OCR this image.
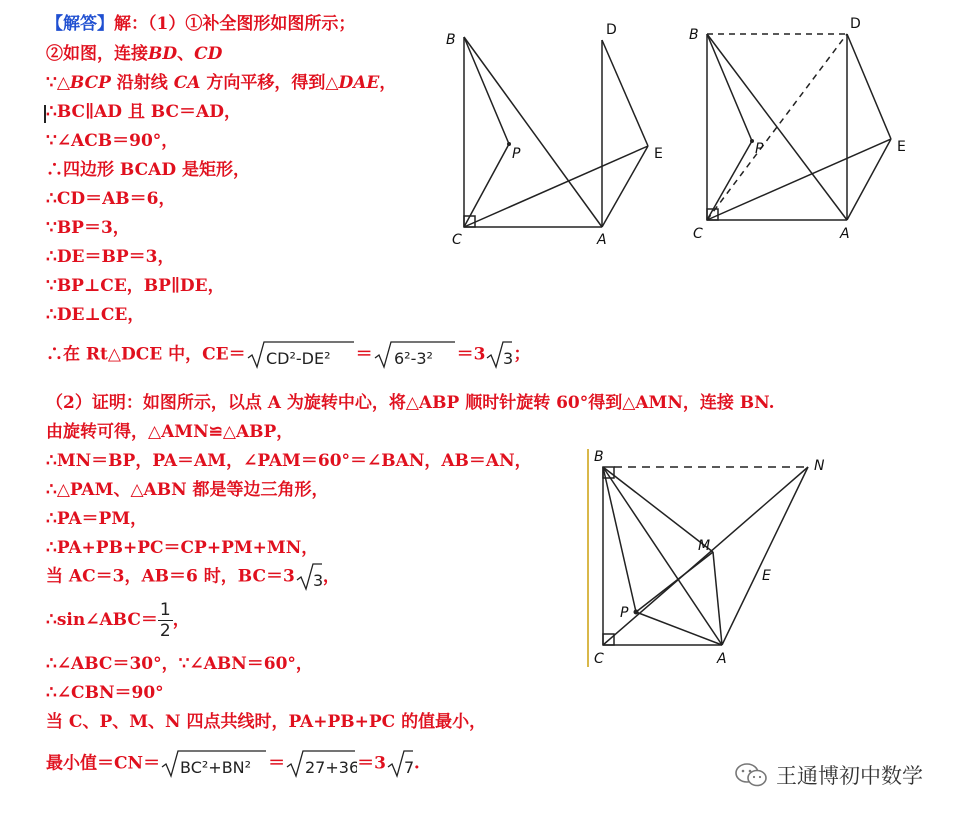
【解答】解：（1）①补全图形如图所示；
②如图，连接BD、CD
∵△BCP 沿射线 CA 方向平移，得到△DAE，
∴BC∥AD 且 BC＝AD，
∵∠ACB＝90°，
∴四边形 BCAD 是矩形，
∴CD＝AB＝6，
∵BP＝3，
∴DE＝BP＝3，
∵BP⊥CE，BP∥DE，
∴DE⊥CE，
∴在 Rt△DCE 中，CE＝ CD²-DE² ＝ 6²-3² ＝3 3 ；
（2）证明：如图所示，以点 A 为旋转中心，将△ABP 顺时针旋转 60°得到△AMN，连接 BN.
由旋转可得，△AMN≌△ABP，
∴MN＝BP，PA＝AM，∠PAM＝60°＝∠BAN，AB＝AN，
∴△PAM、△ABN 都是等边三角形，
∴PA＝PM，
∴PA+PB+PC＝CP+PM+MN，
当 AC＝3，AB＝6 时，BC＝3 3 ，
∴sin∠ABC＝ $\frac{1}{2}$ ，
∴∠ABC＝30°，∵∠ABN＝60°，
∴∠CBN＝90°
当 C、P、M、N 四点共线时，PA+PB+PC 的值最小，
最小值＝CN＝ BC²+BN² ＝ 27+36
＝3 7 .
B
D
P	E
C	A
B
D
P	E
C	A
B
N
M
E
P
C	A
王通博初中数学
